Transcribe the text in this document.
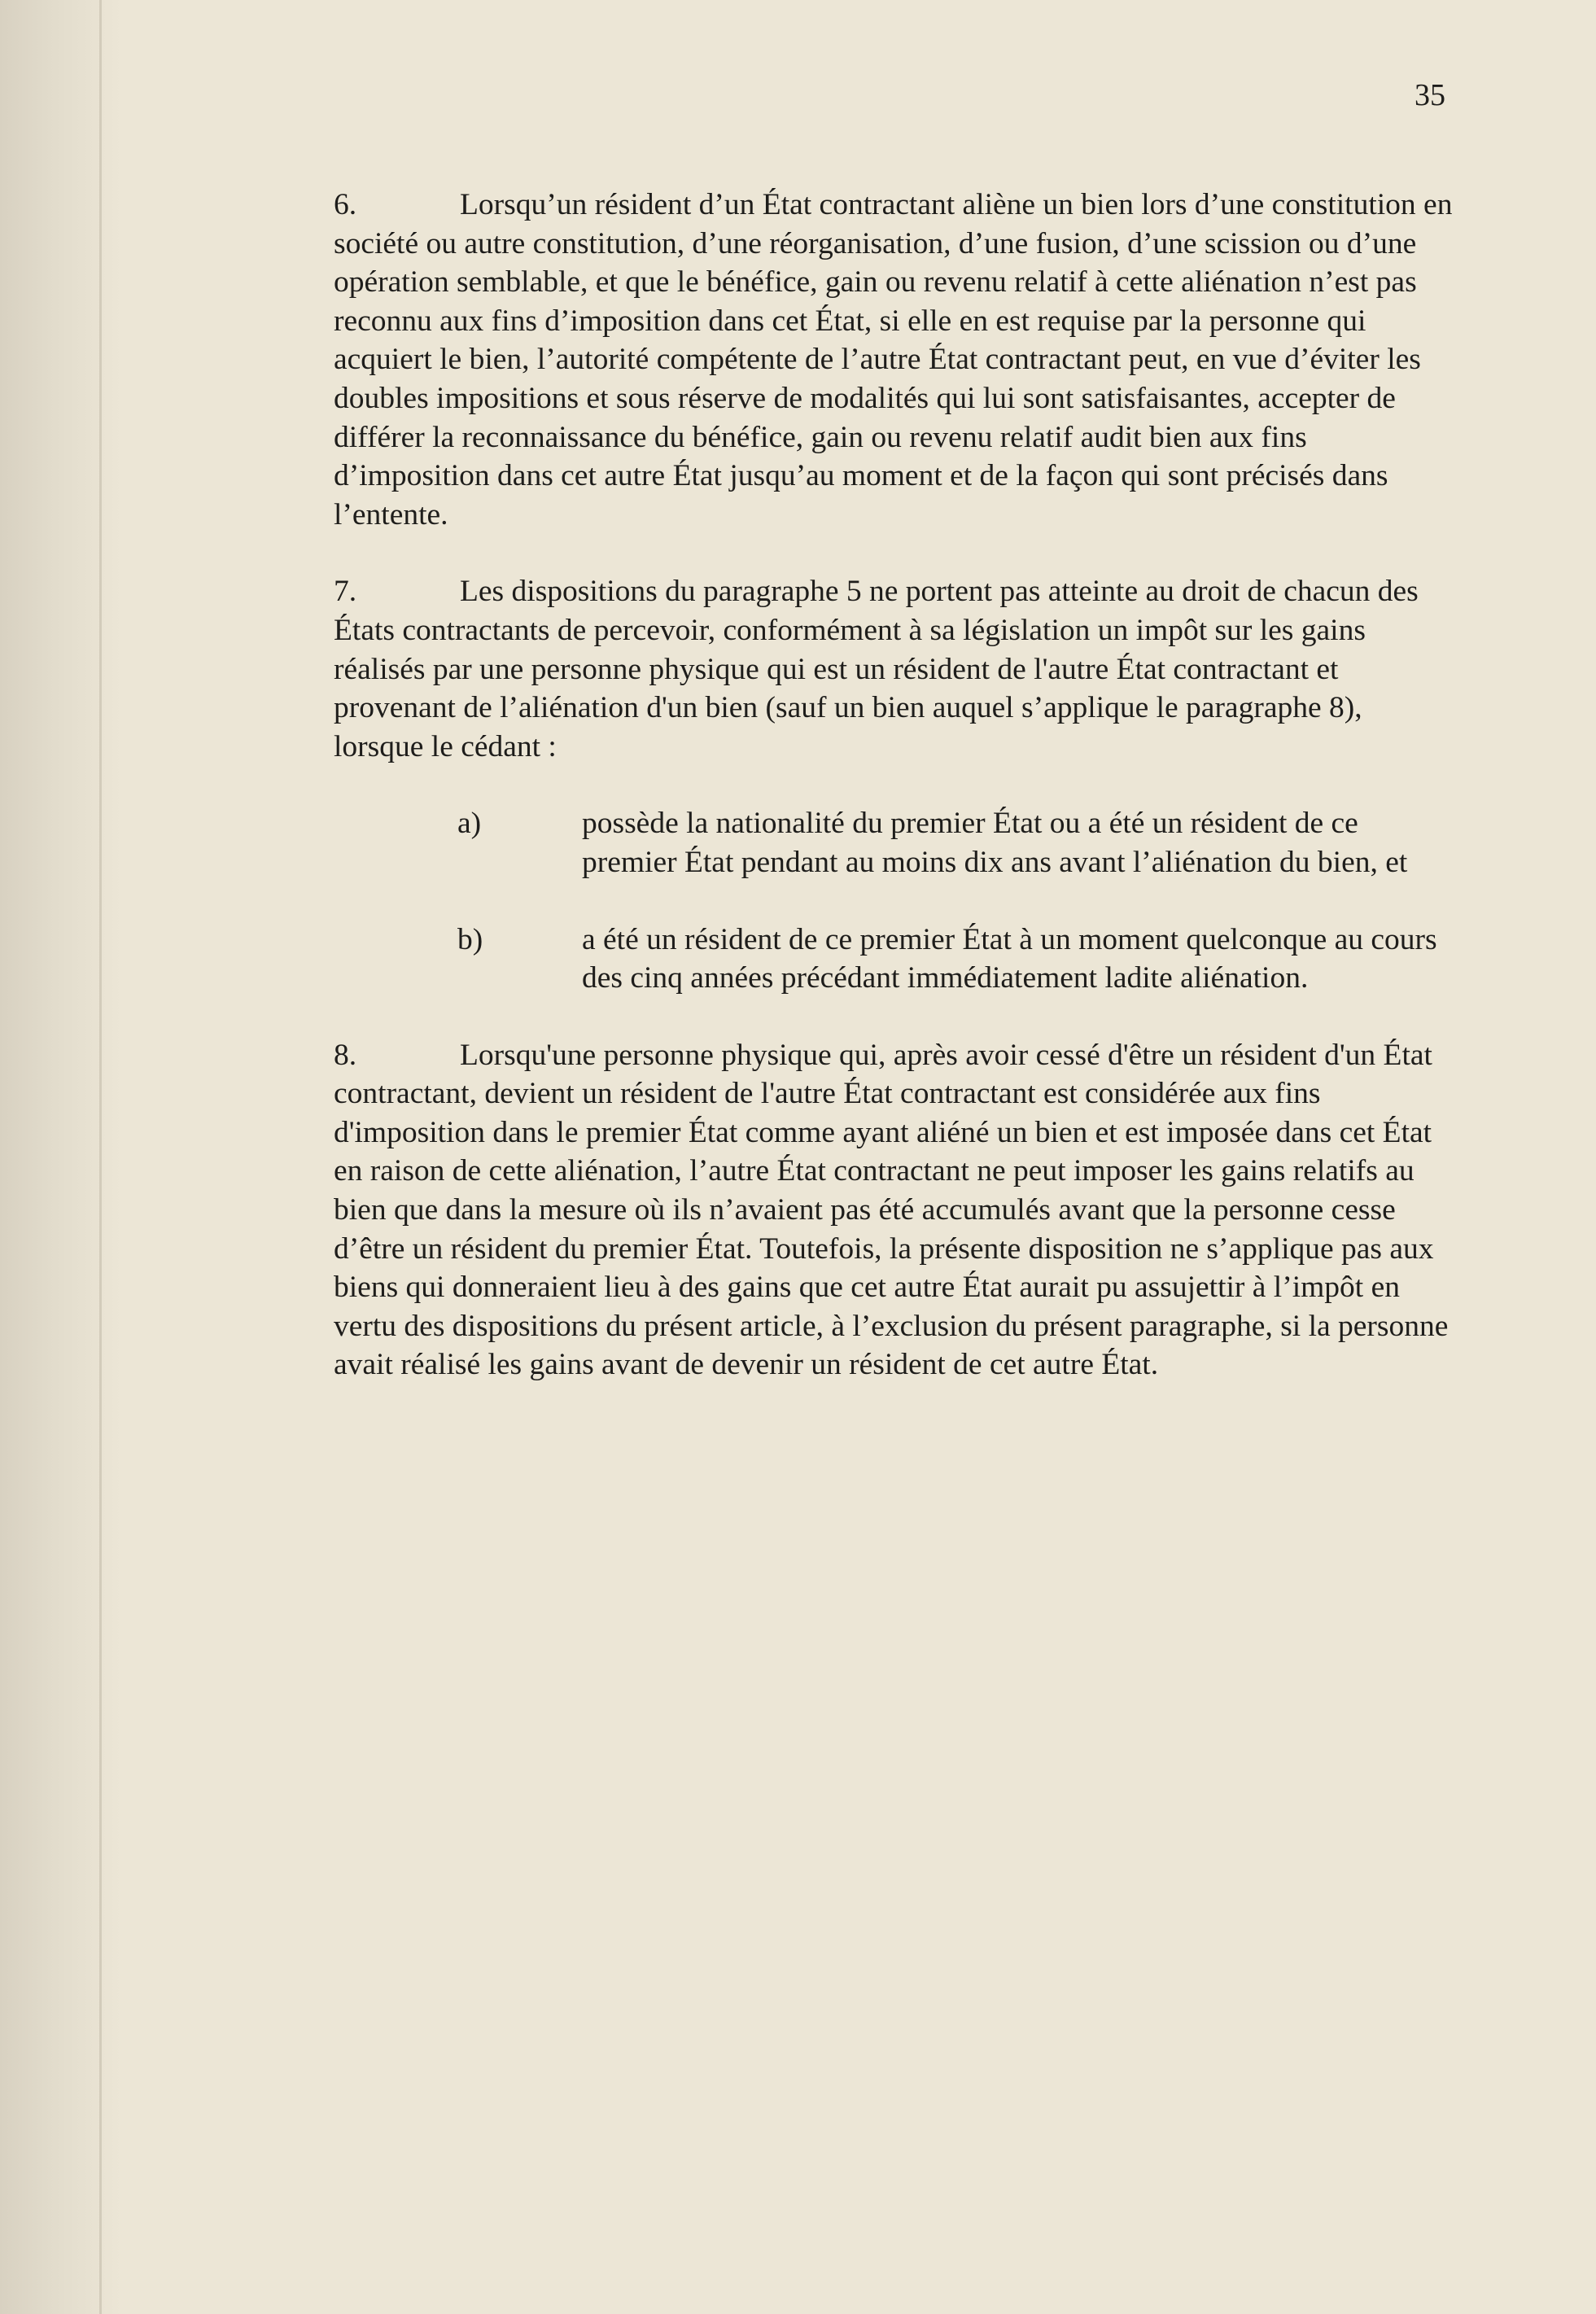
35

6.	Lorsqu’un résident d’un État contractant aliène un bien lors d’une constitution en société ou autre constitution, d’une réorganisation, d’une fusion, d’une scission ou d’une opération semblable, et que le bénéfice, gain ou revenu relatif à cette aliénation n’est pas reconnu aux fins d’imposition dans cet État, si elle en est requise par la personne qui acquiert le bien, l’autorité compétente de l’autre État contractant peut, en vue d’éviter les doubles impositions et sous réserve de modalités qui lui sont satisfaisantes, accepter de différer la reconnaissance du bénéfice, gain ou revenu relatif audit bien aux fins d’imposition dans cet autre État jusqu’au moment et de la façon qui sont précisés dans l’entente.

7.	Les dispositions du paragraphe 5 ne portent pas atteinte au droit de chacun des États contractants de percevoir, conformément à sa législation un impôt sur les gains réalisés par une personne physique qui est un résident de l'autre État contractant et provenant de l’aliénation d'un bien (sauf un bien auquel s’applique le paragraphe 8), lorsque le cédant :

a)	possède la nationalité du premier État ou a été un résident de ce premier État pendant au moins dix ans avant l’aliénation du bien, et
b)	a été un résident de ce premier État à un moment quelconque au cours des cinq années précédant immédiatement ladite aliénation.

8.	Lorsqu'une personne physique qui, après avoir cessé d'être un résident d'un État contractant, devient un résident de l'autre État contractant est considérée aux fins d'imposition dans le premier État comme ayant aliéné un bien et est imposée dans cet État en raison de cette aliénation, l’autre État contractant ne peut imposer les gains relatifs au bien que dans la mesure où ils n’avaient pas été accumulés avant que la personne cesse d’être un résident du premier État. Toutefois, la présente disposition ne s’applique pas aux biens qui donneraient lieu à des gains que cet autre État aurait pu assujettir à l’impôt en vertu des dispositions du présent article, à l’exclusion du présent paragraphe, si la personne avait réalisé les gains avant de devenir un résident de cet autre État.
